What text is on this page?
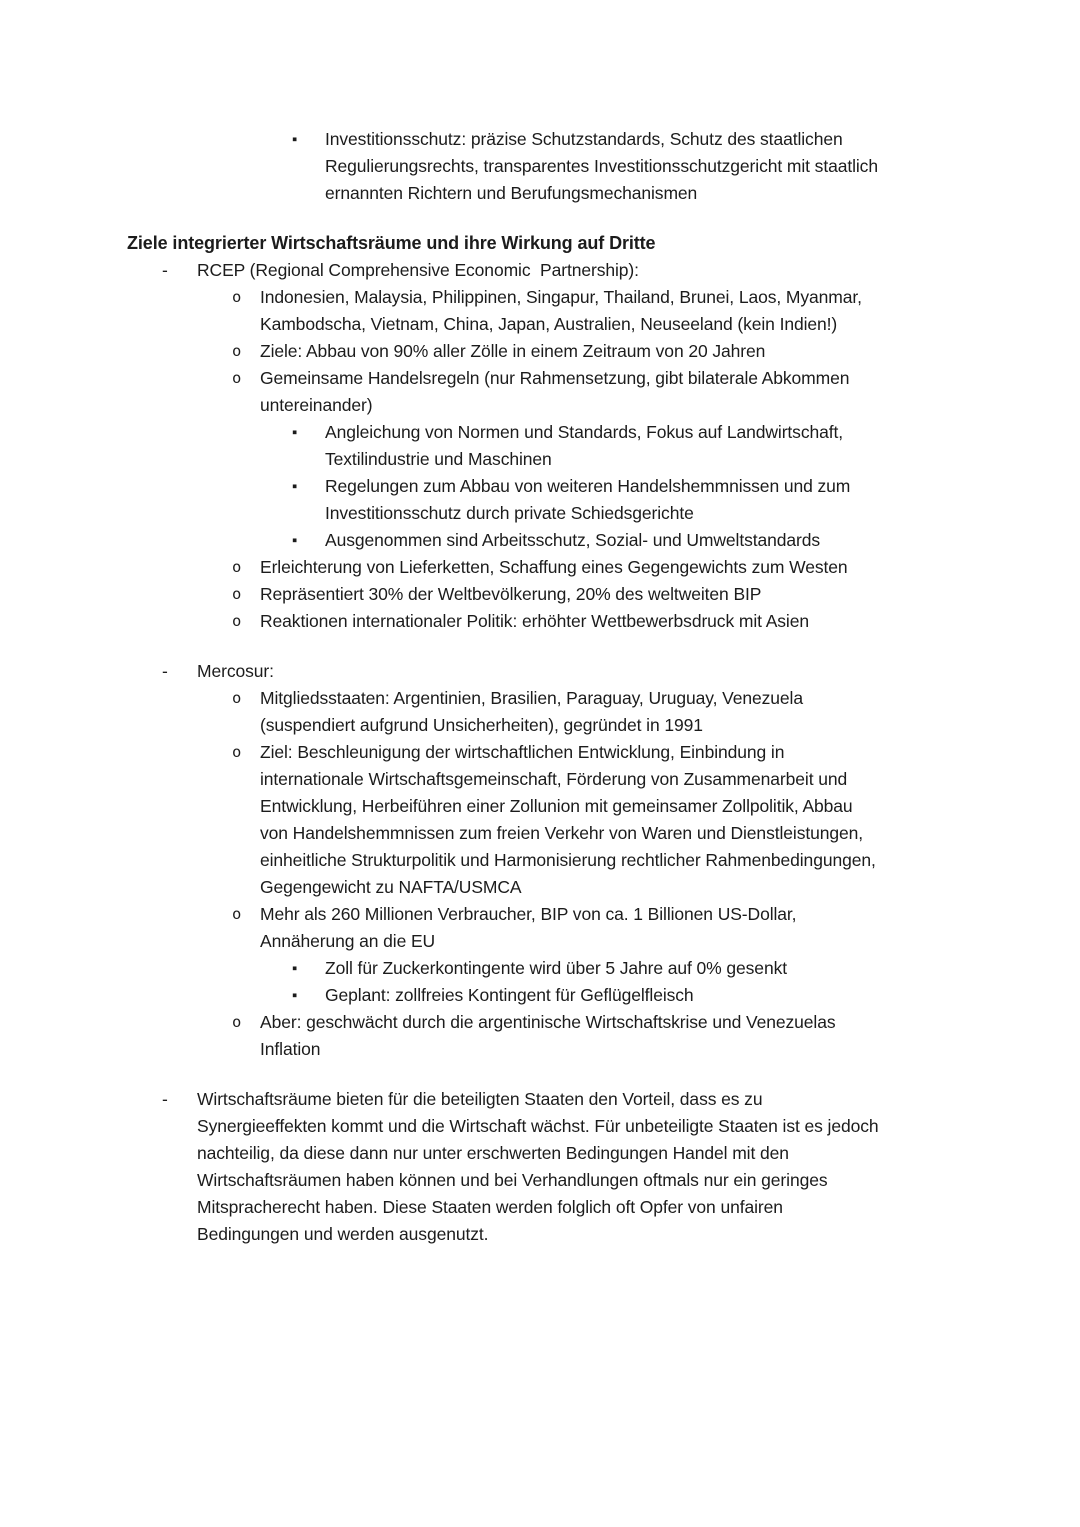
▪ Investitionsschutz: präzise Schutzstandards, Schutz des staatlichen
Regulierungsrechts, transparentes Investitionsschutzgericht mit staatlich
ernannten Richtern und Berufungsmechanismen
Ziele integrierter Wirtschaftsräume und ihre Wirkung auf Dritte
- RCEP (Regional Comprehensive Economic  Partnership):
o Indonesien, Malaysia, Philippinen, Singapur, Thailand, Brunei, Laos, Myanmar,
Kambodscha, Vietnam, China, Japan, Australien, Neuseeland (kein Indien!)
o Ziele: Abbau von 90% aller Zölle in einem Zeitraum von 20 Jahren
o Gemeinsame Handelsregeln (nur Rahmensetzung, gibt bilaterale Abkommen
untereinander)
▪ Angleichung von Normen und Standards, Fokus auf Landwirtschaft,
Textilindustrie und Maschinen
▪ Regelungen zum Abbau von weiteren Handelshemmnissen und zum
Investitionsschutz durch private Schiedsgerichte
▪ Ausgenommen sind Arbeitsschutz, Sozial- und Umweltstandards
o Erleichterung von Lieferketten, Schaffung eines Gegengewichts zum Westen
o Repräsentiert 30% der Weltbevölkerung, 20% des weltweiten BIP
o Reaktionen internationaler Politik: erhöhter Wettbewerbsdruck mit Asien
- Mercosur:
o Mitgliedsstaaten: Argentinien, Brasilien, Paraguay, Uruguay, Venezuela
(suspendiert aufgrund Unsicherheiten), gegründet in 1991
o Ziel: Beschleunigung der wirtschaftlichen Entwicklung, Einbindung in
internationale Wirtschaftsgemeinschaft, Förderung von Zusammenarbeit und
Entwicklung, Herbeiführen einer Zollunion mit gemeinsamer Zollpolitik, Abbau
von Handelshemmnissen zum freien Verkehr von Waren und Dienstleistungen,
einheitliche Strukturpolitik und Harmonisierung rechtlicher Rahmenbedingungen,
Gegengewicht zu NAFTA/USMCA
o Mehr als 260 Millionen Verbraucher, BIP von ca. 1 Billionen US-Dollar,
Annäherung an die EU
▪ Zoll für Zuckerkontingente wird über 5 Jahre auf 0% gesenkt
▪ Geplant: zollfreies Kontingent für Geflügelfleisch
o Aber: geschwächt durch die argentinische Wirtschaftskrise und Venezuelas
Inflation
- Wirtschaftsräume bieten für die beteiligten Staaten den Vorteil, dass es zu
Synergieeffekten kommt und die Wirtschaft wächst. Für unbeteiligte Staaten ist es jedoch
nachteilig, da diese dann nur unter erschwerten Bedingungen Handel mit den
Wirtschaftsräumen haben können und bei Verhandlungen oftmals nur ein geringes
Mitspracherecht haben. Diese Staaten werden folglich oft Opfer von unfairen
Bedingungen und werden ausgenutzt.
